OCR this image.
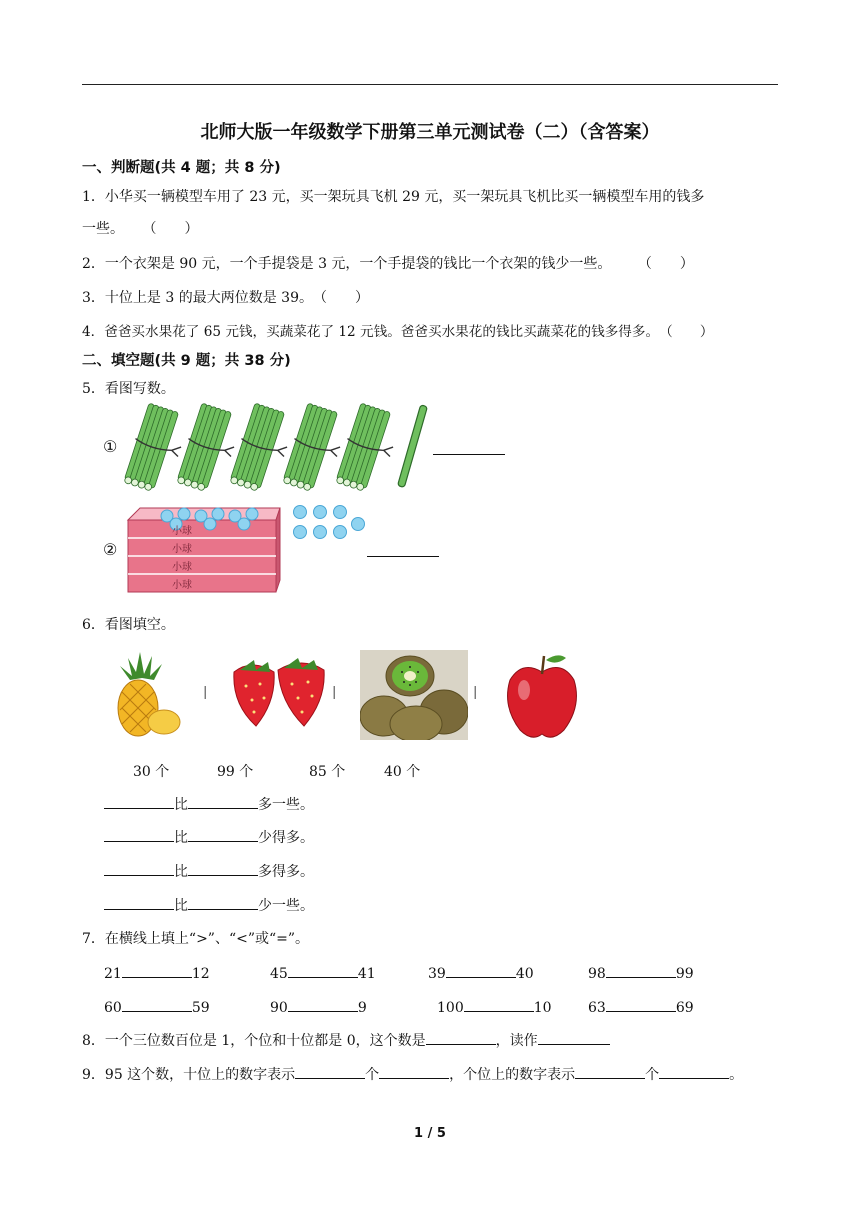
北师大版一年级数学下册第三单元测试卷（二）（含答案）
一、判断题(共 4 题；共 8 分)
1．小华买一辆模型车用了 23 元，买一架玩具飞机 29 元，买一架玩具飞机比买一辆模型车用的钱多
一些。 （　　）
2．一个衣架是 90 元，一个手提袋是 3 元，一个手提袋的钱比一个衣架的钱少一些。 （　　）
3．十位上是 3 的最大两位数是 39。（　　）
4．爸爸买水果花了 65 元钱，买蔬菜花了 12 元钱。爸爸买水果花的钱比买蔬菜花的钱多得多。（　　）
二、填空题(共 9 题；共 38 分)
5．看图写数。
①
②
小球
小球
小球
小球
6．看图填空。
|	|	|
30 个	99 个	85 个	40 个
比	多一些。
比	少得多。
比	多得多。
比	少一些。
7．在横线上填上“>”、“<”或“=”。
21	12	45	41	39	40	98	99
60	59	90	9	100	10	63	69
8．一个三位数百位是 1，个位和十位都是 0，这个数是	，读作
9．95 这个数，十位上的数字表示	个	，个位上的数字表示	个	。
1 / 5
